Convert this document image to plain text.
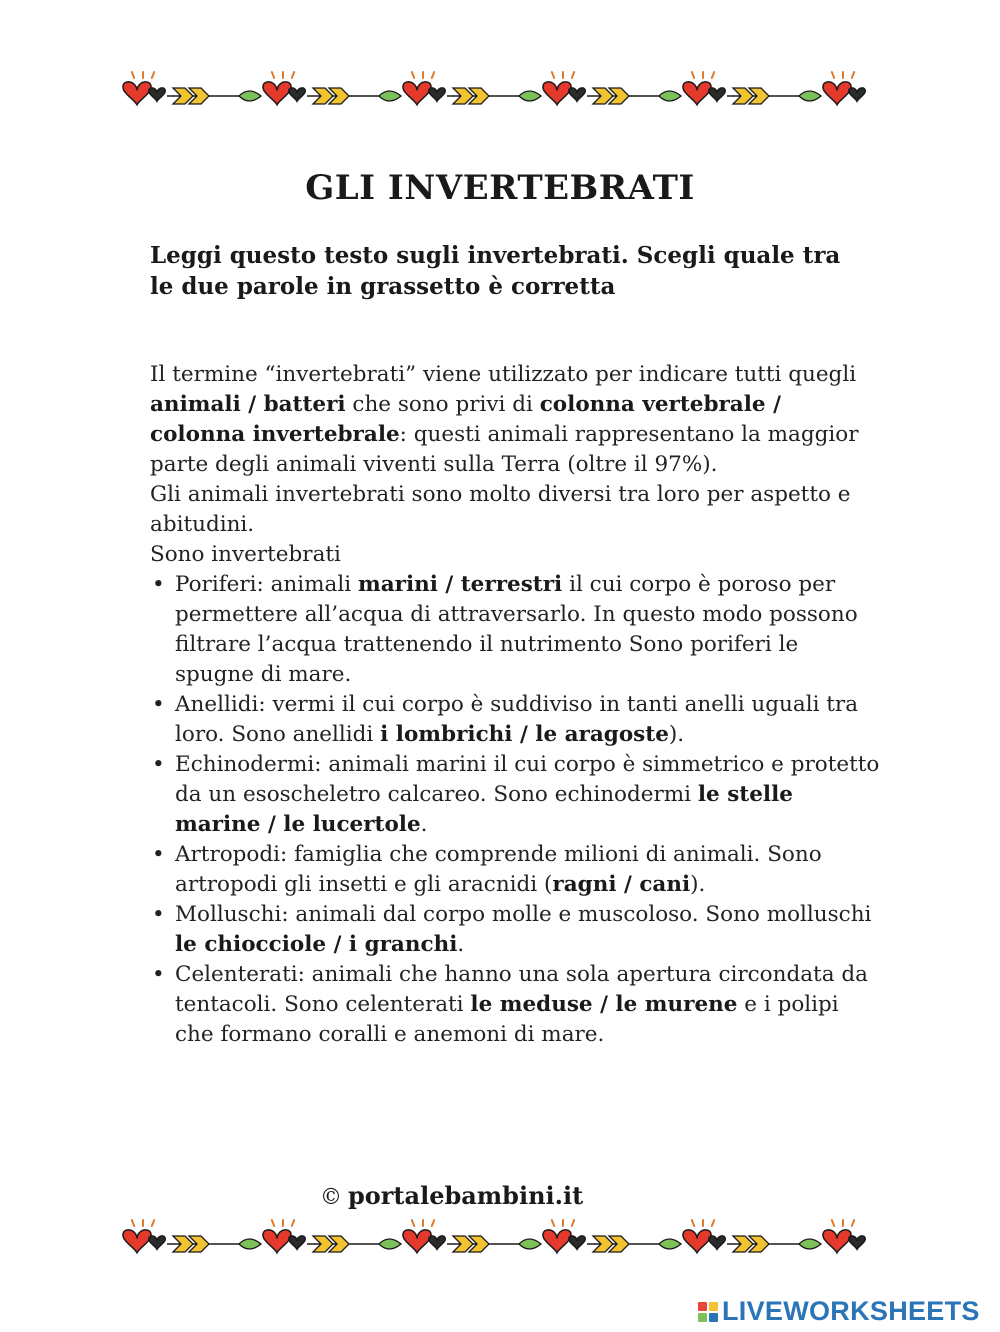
GLI INVERTEBRATI
Leggi questo testo sugli invertebrati. Scegli quale tra le due parole in grassetto è corretta

Il termine “invertebrati” viene utilizzato per indicare tutti quegli animali / batteri che sono privi di colonna vertebrale / colonna invertebrale: questi animali rappresentano la maggior parte degli animali viventi sulla Terra (oltre il 97%).

Gli animali invertebrati sono molto diversi tra loro per aspetto e abitudini.

Sono invertebrati

• Poriferi: animali marini / terrestri il cui corpo è poroso per permettere all’acqua di attraversarlo. In questo modo possono filtrare l’acqua trattenendo il nutrimento Sono poriferi le spugne di mare.
• Anellidi: vermi il cui corpo è suddiviso in tanti anelli uguali tra loro. Sono anellidi i lombrichi / le aragoste).
• Echinodermi: animali marini il cui corpo è simmetrico e protetto da un esoscheletro calcareo. Sono echinodermi le stelle marine / le lucertole.
• Artropodi: famiglia che comprende milioni di animali. Sono artropodi gli insetti e gli aracnidi (ragni / cani).
• Molluschi: animali dal corpo molle e muscoloso. Sono molluschi le chiocciole / i granchi.
• Celenterati: animali che hanno una sola apertura circondata da tentacoli. Sono celenterati le meduse / le murene e i polipi che formano coralli e anemoni di mare.
© portalebambini.it
LIVEWORKSHEETS
